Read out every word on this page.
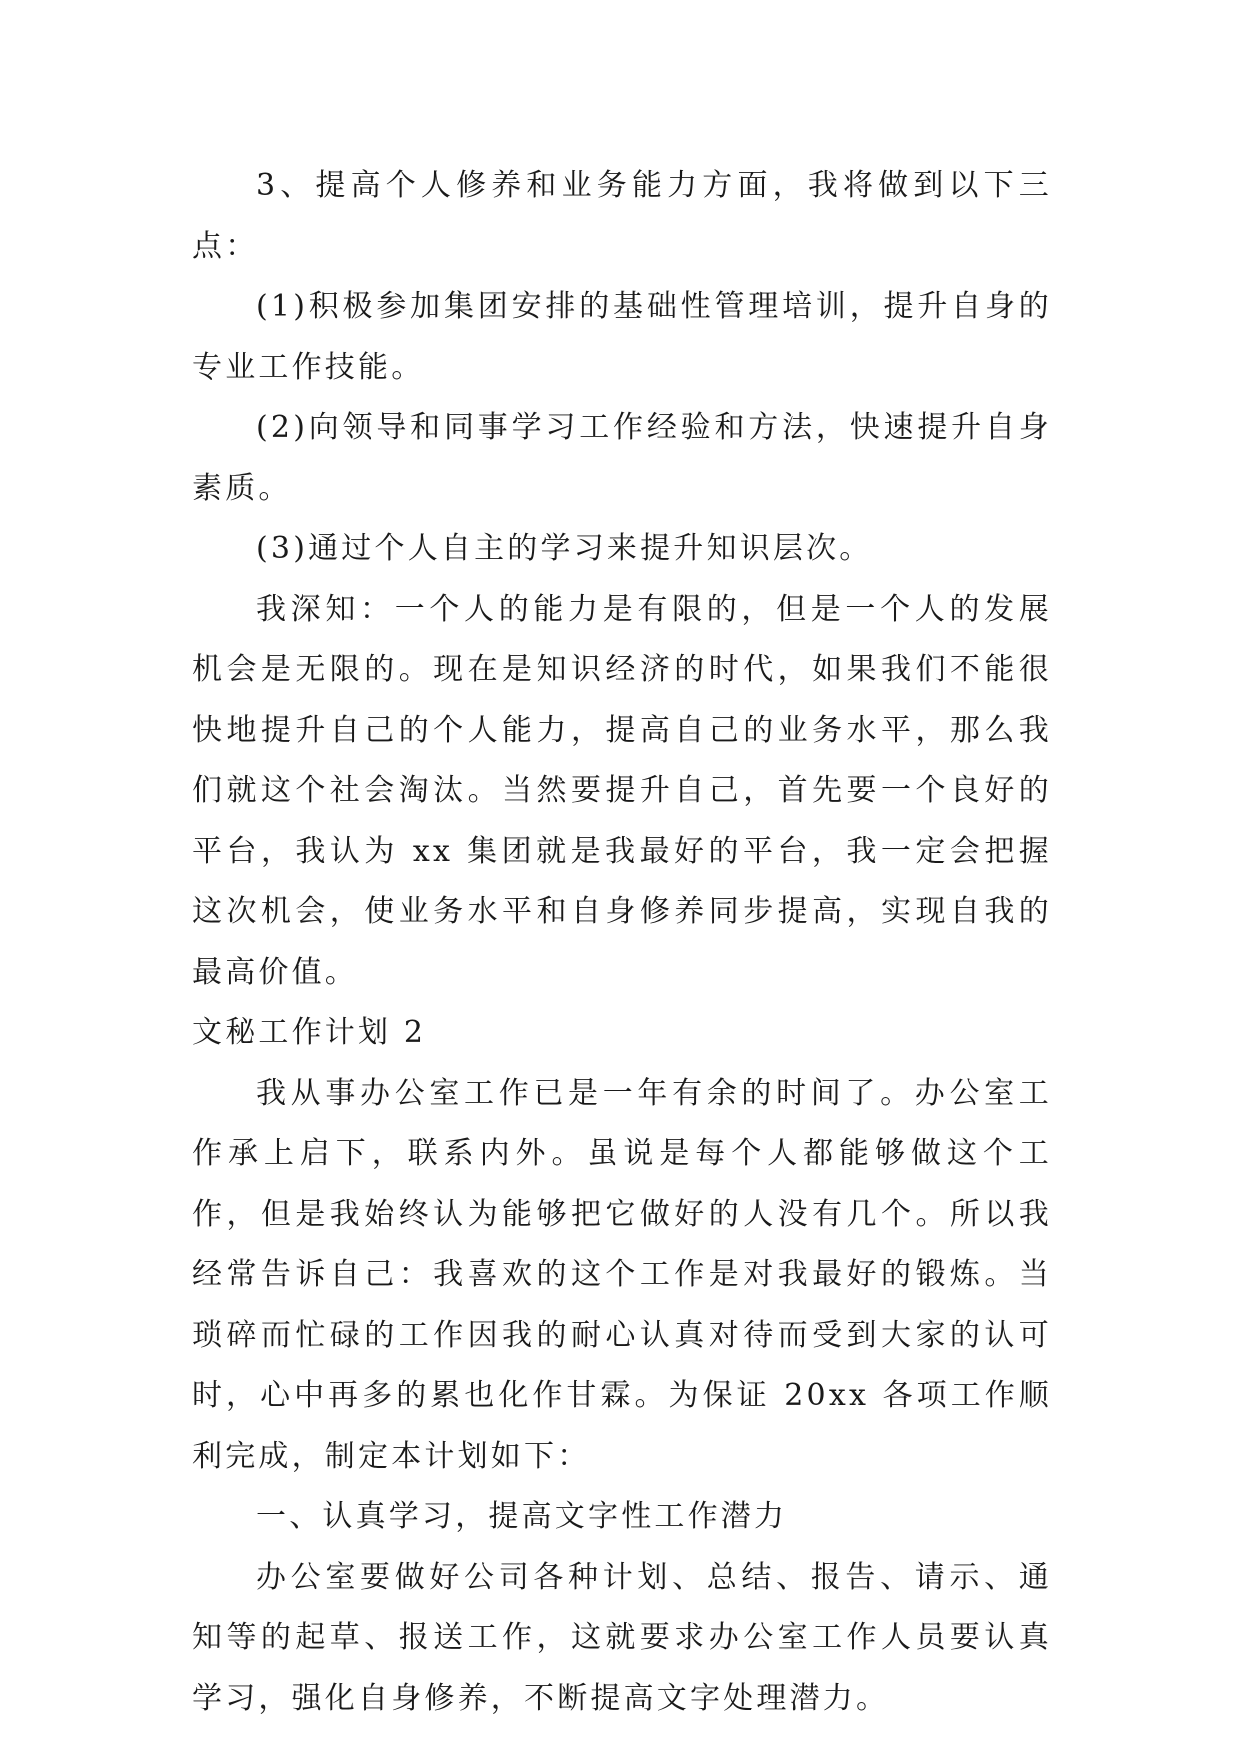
3、提高个人修养和业务能力方面，我将做到以下三点：

(1)积极参加集团安排的基础性管理培训，提升自身的专业工作技能。

(2)向领导和同事学习工作经验和方法，快速提升自身素质。

(3)通过个人自主的学习来提升知识层次。

我深知：一个人的能力是有限的，但是一个人的发展机会是无限的。现在是知识经济的时代，如果我们不能很快地提升自己的个人能力，提高自己的业务水平，那么我们就这个社会淘汰。当然要提升自己，首先要一个良好的平台，我认为 xx 集团就是我最好的平台，我一定会把握这次机会，使业务水平和自身修养同步提高，实现自我的最高价值。

文秘工作计划 2

我从事办公室工作已是一年有余的时间了。办公室工作承上启下，联系内外。虽说是每个人都能够做这个工作，但是我始终认为能够把它做好的人没有几个。所以我经常告诉自己：我喜欢的这个工作是对我最好的锻炼。当琐碎而忙碌的工作因我的耐心认真对待而受到大家的认可时，心中再多的累也化作甘霖。为保证 20xx 各项工作顺利完成，制定本计划如下：

一、认真学习，提高文字性工作潜力

办公室要做好公司各种计划、总结、报告、请示、通知等的起草、报送工作，这就要求办公室工作人员要认真学习，强化自身修养，不断提高文字处理潜力。
